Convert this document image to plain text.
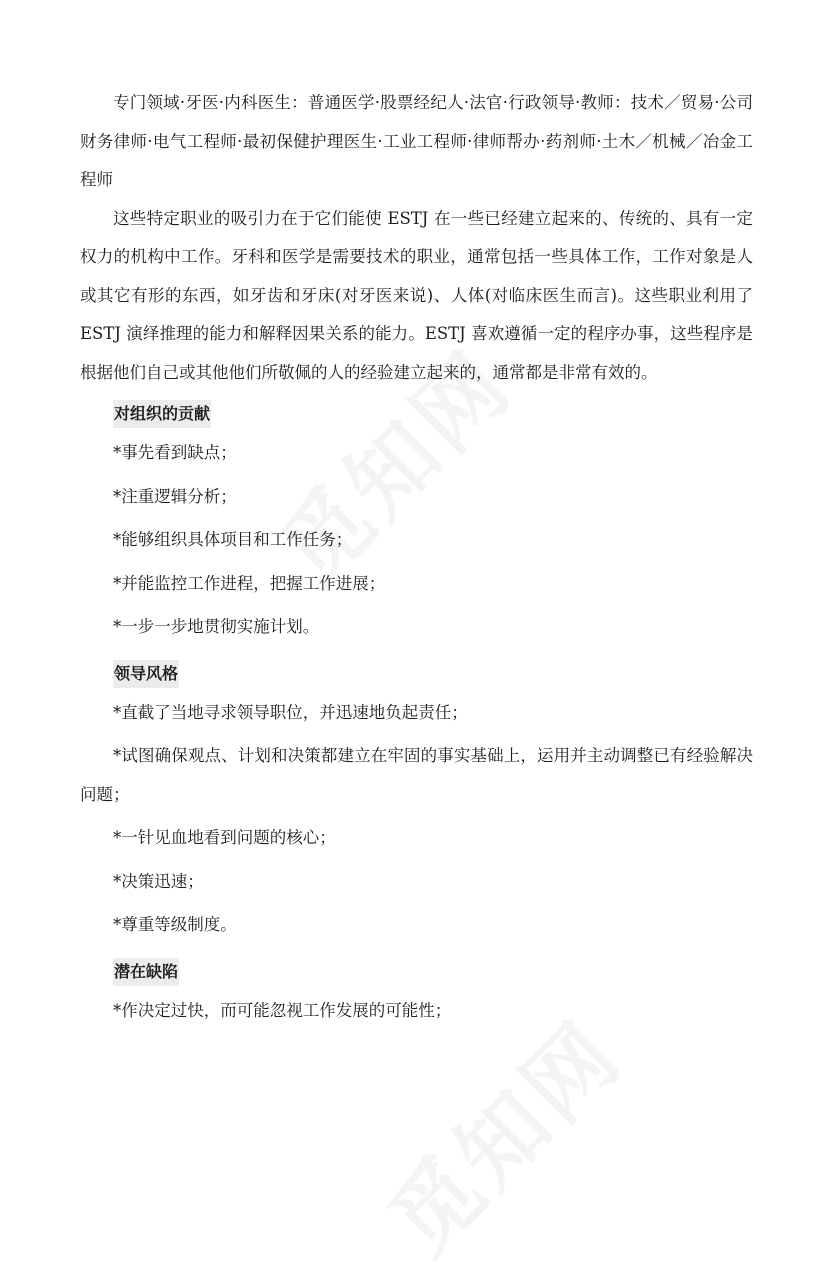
专门领域·牙医·内科医生：普通医学·股票经纪人·法官·行政领导·教师：技术／贸易·公司财务律师·电气工程师·最初保健护理医生·工业工程师·律师帮办·药剂师·土木／机械／冶金工程师

这些特定职业的吸引力在于它们能使 ESTJ 在一些已经建立起来的、传统的、具有一定权力的机构中工作。牙科和医学是需要技术的职业，通常包括一些具体工作，工作对象是人或其它有形的东西，如牙齿和牙床(对牙医来说)、人体(对临床医生而言)。这些职业利用了 ESTJ 演绎推理的能力和解释因果关系的能力。ESTJ 喜欢遵循一定的程序办事，这些程序是根据他们自己或其他他们所敬佩的人的经验建立起来的，通常都是非常有效的。

对组织的贡献

*事先看到缺点；

*注重逻辑分析；

*能够组织具体项目和工作任务；

*并能监控工作进程，把握工作进展；

*一步一步地贯彻实施计划。

领导风格

*直截了当地寻求领导职位，并迅速地负起责任；

*试图确保观点、计划和决策都建立在牢固的事实基础上，运用并主动调整已有经验解决问题；

*一针见血地看到问题的核心；

*决策迅速；

*尊重等级制度。

潜在缺陷

*作决定过快，而可能忽视工作发展的可能性；
